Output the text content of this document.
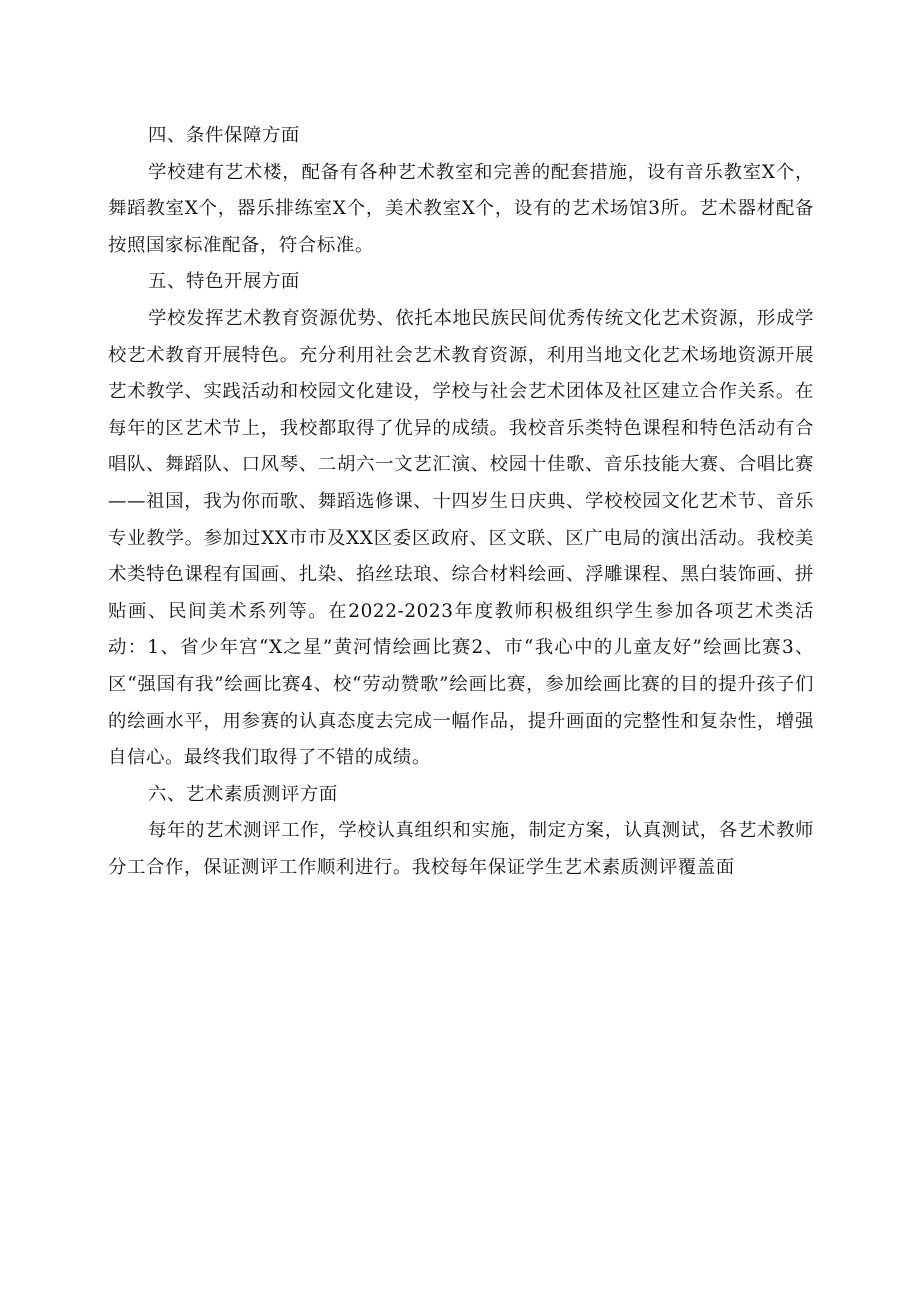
四、条件保障方面

学校建有艺术楼，配备有各种艺术教室和完善的配套措施，设有音乐教室X个，舞蹈教室X个，器乐排练室X个，美术教室X个，设有的艺术场馆3所。艺术器材配备按照国家标准配备，符合标准。

五、特色开展方面

学校发挥艺术教育资源优势、依托本地民族民间优秀传统文化艺术资源，形成学校艺术教育开展特色。充分利用社会艺术教育资源，利用当地文化艺术场地资源开展艺术教学、实践活动和校园文化建设，学校与社会艺术团体及社区建立合作关系。在每年的区艺术节上，我校都取得了优异的成绩。我校音乐类特色课程和特色活动有合唱队、舞蹈队、口风琴、二胡六一文艺汇演、校园十佳歌、音乐技能大赛、合唱比赛——祖国，我为你而歌、舞蹈选修课、十四岁生日庆典、学校校园文化艺术节、音乐专业教学。参加过XX市市及XX区委区政府、区文联、区广电局的演出活动。我校美术类特色课程有国画、扎染、掐丝珐琅、综合材料绘画、浮雕课程、黑白装饰画、拼贴画、民间美术系列等。在2022-2023年度教师积极组织学生参加各项艺术类活动：1、省少年宫“X之星”黄河情绘画比赛2、市“我心中的儿童友好”绘画比赛3、区“强国有我”绘画比赛4、校“劳动赞歌”绘画比赛，参加绘画比赛的目的提升孩子们的绘画水平，用参赛的认真态度去完成一幅作品，提升画面的完整性和复杂性，增强自信心。最终我们取得了不错的成绩。

六、艺术素质测评方面

每年的艺术测评工作，学校认真组织和实施，制定方案，认真测试，各艺术教师分工合作，保证测评工作顺利进行。我校每年保证学生艺术素质测评覆盖面
